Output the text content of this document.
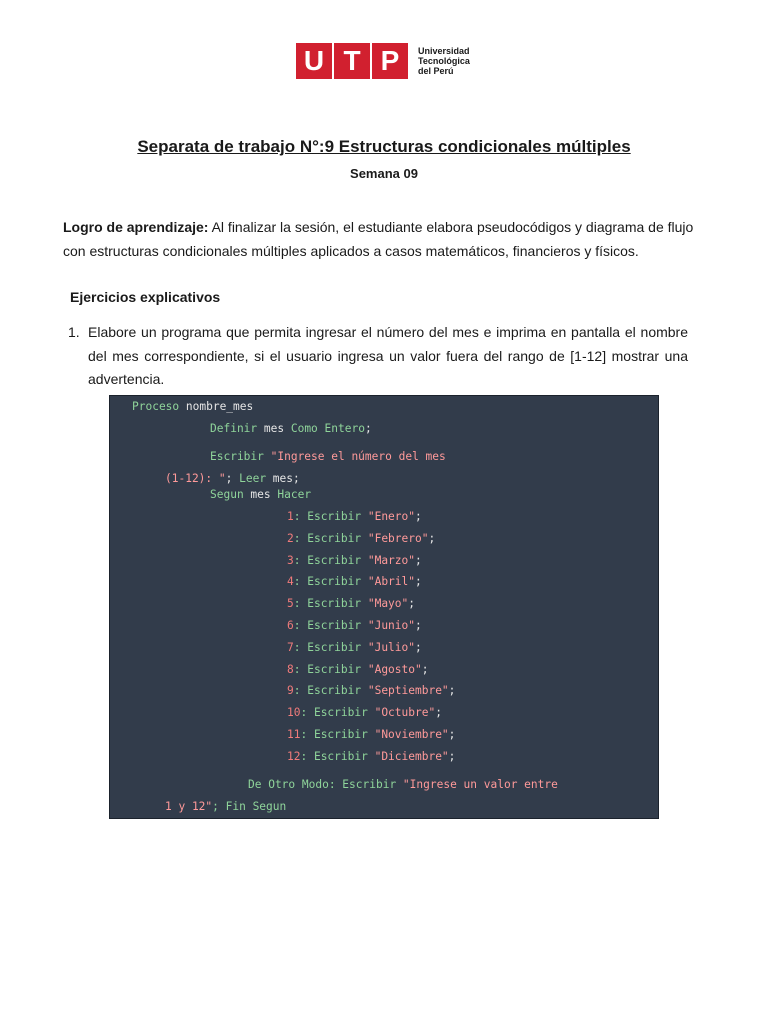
U T P	Universidad
Tecnológica
del Perú
Separata de trabajo N°:9 Estructuras condicionales múltiples
Semana 09
Logro de aprendizaje: Al finalizar la sesión, el estudiante elabora pseudocódigos y diagrama de flujo con estructuras condicionales múltiples aplicados a casos matemáticos, financieros y físicos.
Ejercicios explicativos
1. Elabore un programa que permita ingresar el número del mes e imprima en pantalla el nombre del mes correspondiente, si el usuario ingresa un valor fuera del rango de [1-12] mostrar una advertencia.
Proceso nombre_mes
Definir mes Como Entero;
Escribir "Ingrese el número del mes
(1-12): "; Leer mes;
Segun mes Hacer
1: Escribir "Enero";
2: Escribir "Febrero";
3: Escribir "Marzo";
4: Escribir "Abril";
5: Escribir "Mayo";
6: Escribir "Junio";
7: Escribir "Julio";
8: Escribir "Agosto";
9: Escribir "Septiembre";
10: Escribir "Octubre";
11: Escribir "Noviembre";
12: Escribir "Diciembre";
De Otro Modo: Escribir "Ingrese un valor entre
1 y 12"; Fin Segun
